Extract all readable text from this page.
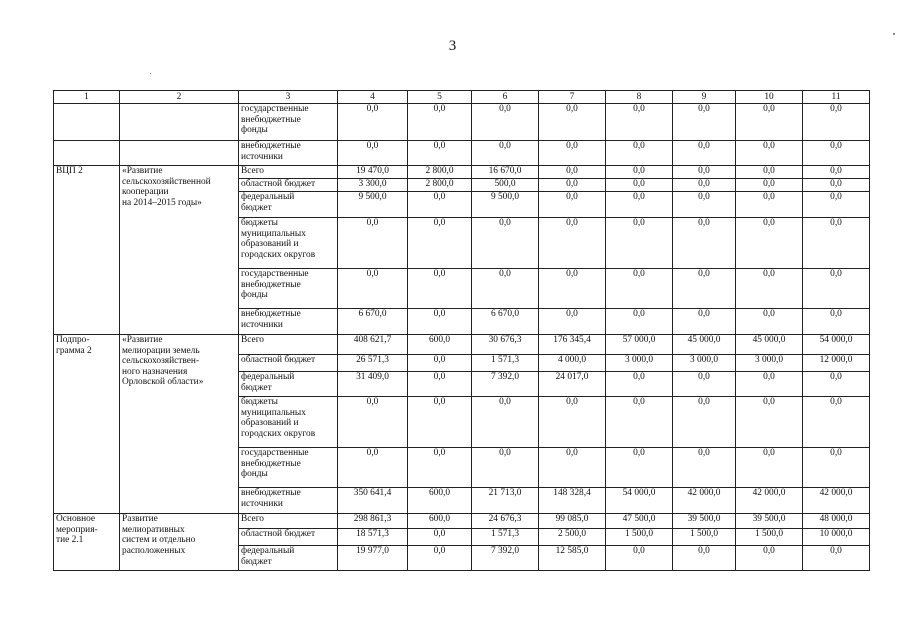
3
1	2	3	4	5	6	7	8	9	10	11

		государственные
внебюджетные
фонды	0,0	0,0	0,0	0,0	0,0	0,0	0,0	0,0

		внебюджетные
источники	0,0	0,0	0,0	0,0	0,0	0,0	0,0	0,0

ВЦП 2	«Развитие
сельскохозяйственной
кооперации
на 2014–2015 годы»	Всего	19 470,0	2 800,0	16 670,0	0,0	0,0	0,0	0,0	0,0

		областной бюджет	3 300,0	2 800,0	500,0	0,0	0,0	0,0	0,0	0,0

		федеральный
бюджет	9 500,0	0,0	9 500,0	0,0	0,0	0,0	0,0	0,0

		бюджеты
муниципальных
образований и
городских округов	0,0	0,0	0,0	0,0	0,0	0,0	0,0	0,0

		государственные
внебюджетные
фонды	0,0	0,0	0,0	0,0	0,0	0,0	0,0	0,0

		внебюджетные
источники	6 670,0	0,0	6 670,0	0,0	0,0	0,0	0,0	0,0

Подпро-
грамма 2	«Развитие
мелиорации земель
сельскохозяйствен-
ного назначения
Орловской области»	Всего	408 621,7	600,0	30 676,3	176 345,4	57 000,0	45 000,0	45 000,0	54 000,0

		областной бюджет	26 571,3	0,0	1 571,3	4 000,0	3 000,0	3 000,0	3 000,0	12 000,0

		федеральный
бюджет	31 409,0	0,0	7 392,0	24 017,0	0,0	0,0	0,0	0,0

		бюджеты
муниципальных
образований и
городских округов	0,0	0,0	0,0	0,0	0,0	0,0	0,0	0,0

		государственные
внебюджетные
фонды	0,0	0,0	0,0	0,0	0,0	0,0	0,0	0,0

		внебюджетные
источники	350 641,4	600,0	21 713,0	148 328,4	54 000,0	42 000,0	42 000,0	42 000,0

Основное
мероприя-
тие 2.1	Развитие
мелиоративных
систем и отдельно
расположенных	Всего	298 861,3	600,0	24 676,3	99 085,0	47 500,0	39 500,0	39 500,0	48 000,0

		областной бюджет	18 571,3	0,0	1 571,3	2 500,0	1 500,0	1 500,0	1 500,0	10 000,0

		федеральный
бюджет	19 977,0	0,0	7 392,0	12 585,0	0,0	0,0	0,0	0,0
